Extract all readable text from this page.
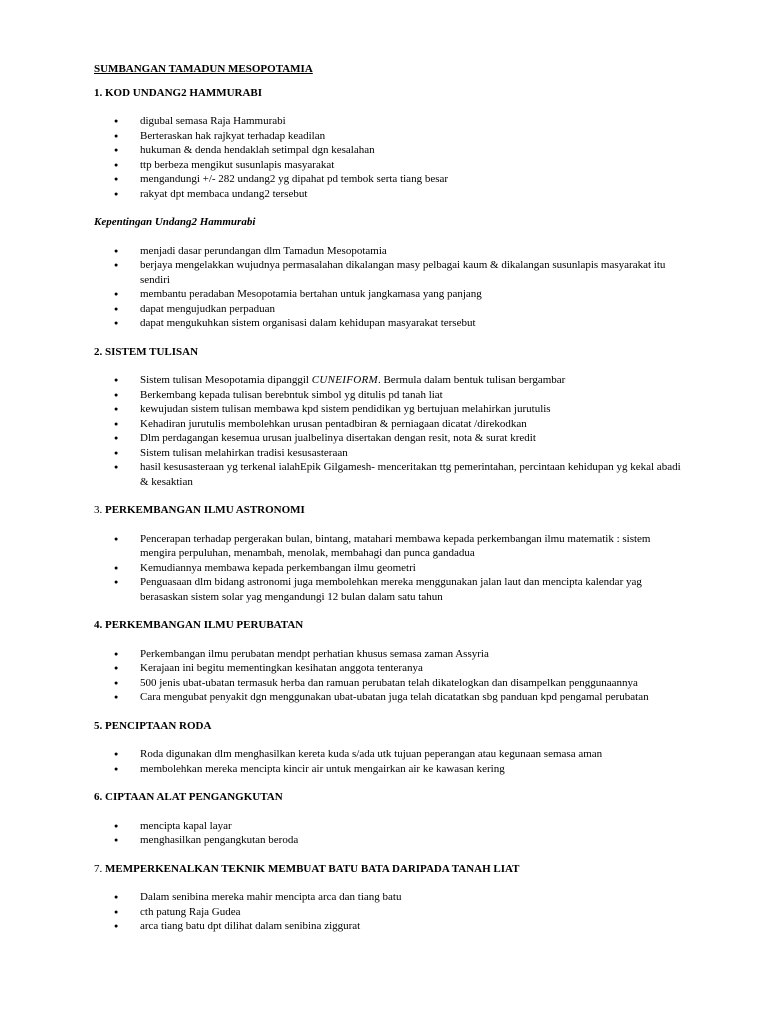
SUMBANGAN TAMADUN MESOPOTAMIA
1. KOD UNDANG2 HAMMURABI
● digubal semasa Raja Hammurabi
● Berteraskan hak rajkyat terhadap keadilan
● hukuman & denda hendaklah setimpal dgn kesalahan
● ttp berbeza mengikut susunlapis masyarakat
● mengandungi +/- 282 undang2 yg dipahat pd tembok serta tiang besar
● rakyat dpt membaca undang2 tersebut
Kepentingan Undang2 Hammurabi
● menjadi dasar perundangan dlm Tamadun Mesopotamia
● berjaya mengelakkan wujudnya permasalahan dikalangan masy pelbagai kaum & dikalangan susunlapis masyarakat itu sendiri
● membantu peradaban Mesopotamia bertahan untuk jangkamasa yang panjang
● dapat mengujudkan perpaduan
● dapat mengukuhkan sistem organisasi dalam kehidupan masyarakat tersebut
2. SISTEM TULISAN
● Sistem tulisan Mesopotamia dipanggil CUNEIFORM. Bermula dalam bentuk tulisan bergambar
● Berkembang kepada tulisan berebntuk simbol yg ditulis pd tanah liat
● kewujudan sistem tulisan membawa kpd sistem pendidikan yg bertujuan melahirkan jurutulis
● Kehadiran jurutulis membolehkan urusan pentadbiran & perniagaan dicatat /direkodkan
● Dlm perdagangan kesemua urusan jualbelinya disertakan dengan resit, nota & surat kredit
● Sistem tulisan melahirkan tradisi kesusasteraan
● hasil kesusasteraan yg terkenal ialahEpik Gilgamesh- menceritakan ttg pemerintahan, percintaan kehidupan yg kekal abadi & kesaktian
3. PERKEMBANGAN ILMU ASTRONOMI
● Pencerapan terhadap pergerakan bulan, bintang, matahari membawa kepada perkembangan ilmu matematik : sistem mengira perpuluhan, menambah, menolak, membahagi dan punca gandadua
● Kemudiannya membawa kepada perkembangan ilmu geometri
● Penguasaan dlm bidang astronomi juga membolehkan mereka menggunakan jalan laut dan mencipta kalendar yag berasaskan sistem solar yag mengandungi 12 bulan dalam satu tahun
4. PERKEMBANGAN ILMU PERUBATAN
● Perkembangan ilmu perubatan mendpt perhatian khusus semasa zaman Assyria
● Kerajaan ini begitu mementingkan kesihatan anggota tenteranya
● 500 jenis ubat-ubatan termasuk herba dan ramuan perubatan telah dikatelogkan dan disampelkan penggunaannya
● Cara mengubat penyakit dgn menggunakan ubat-ubatan juga telah dicatatkan sbg panduan kpd pengamal perubatan
5. PENCIPTAAN RODA
● Roda digunakan dlm menghasilkan kereta kuda s/ada utk tujuan peperangan atau kegunaan semasa aman
● membolehkan mereka mencipta kincir air untuk mengairkan air ke kawasan kering
6. CIPTAAN ALAT PENGANGKUTAN
● mencipta kapal layar
● menghasilkan pengangkutan beroda
7. MEMPERKENALKAN TEKNIK MEMBUAT BATU BATA DARIPADA TANAH LIAT
● Dalam senibina mereka mahir mencipta arca dan tiang batu
● cth patung Raja Gudea
● arca tiang batu dpt dilihat dalam senibina ziggurat
